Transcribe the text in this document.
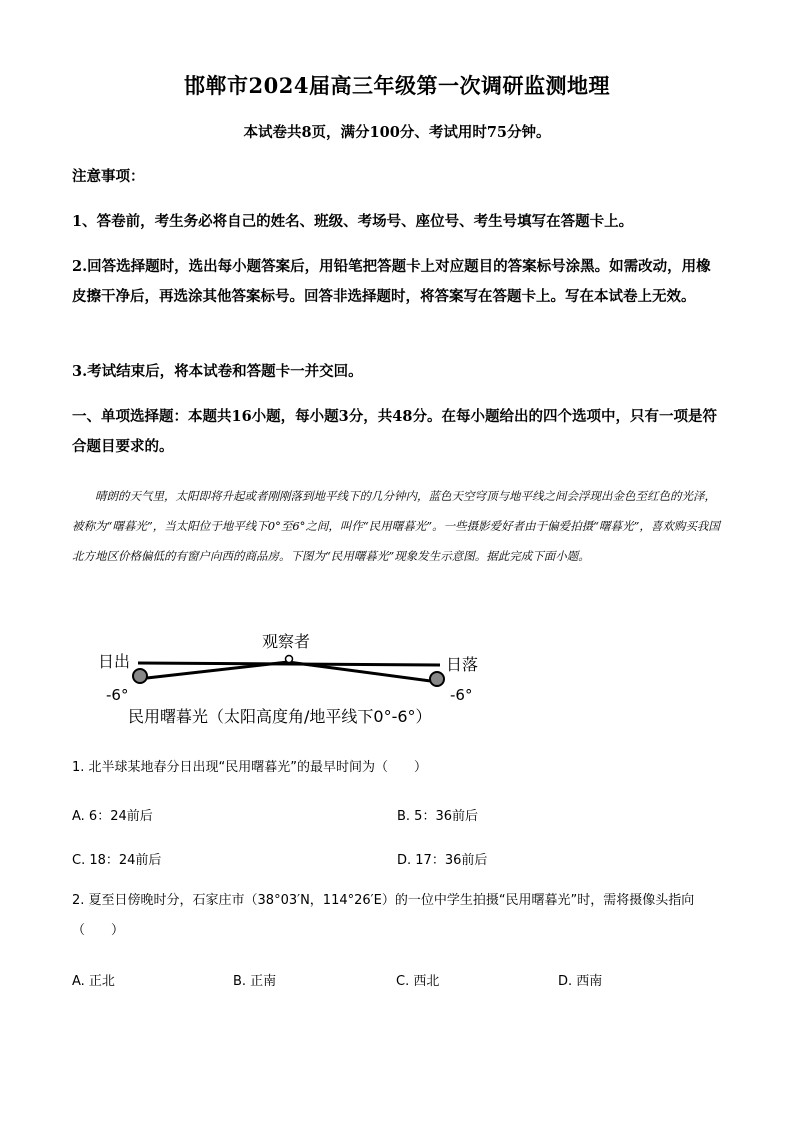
邯郸市2024届高三年级第一次调研监测地理
本试卷共8页，满分100分、考试用时75分钟。
注意事项：
1、答卷前，考生务必将自己的姓名、班级、考场号、座位号、考生号填写在答题卡上。
2.回答选择题时，选出每小题答案后，用铅笔把答题卡上对应题目的答案标号涂黑。如需改动，用橡皮擦干净后，再选涂其他答案标号。回答非选择题时，将答案写在答题卡上。写在本试卷上无效。
3.考试结束后，将本试卷和答题卡一并交回。
一、单项选择题：本题共16小题，每小题3分，共48分。在每小题给出的四个选项中，只有一项是符合题目要求的。
晴朗的天气里，太阳即将升起或者刚刚落到地平线下的几分钟内，蓝色天空穹顶与地平线之间会浮现出金色至红色的光泽，被称为“曙暮光”，当太阳位于地平线下0°至6°之间，叫作“民用曙暮光”。一些摄影爱好者由于偏爱拍摄“曙暮光”，喜欢购买我国北方地区价格偏低的有窗户向西的商品房。下图为“民用曙暮光”现象发生示意图。据此完成下面小题。
观察者
日出	日落
-6°	-6°
民用曙暮光（太阳高度角/地平线下0°-6°）
1. 北半球某地春分日出现“民用曙暮光”的最早时间为（　　）
A. 6：24前后	B. 5：36前后
C. 18：24前后	D. 17：36前后
2. 夏至日傍晚时分，石家庄市（38°03′N，114°26′E）的一位中学生拍摄“民用曙暮光”时，需将摄像头指向（　　）
A. 正北	B. 正南	C. 西北	D. 西南
